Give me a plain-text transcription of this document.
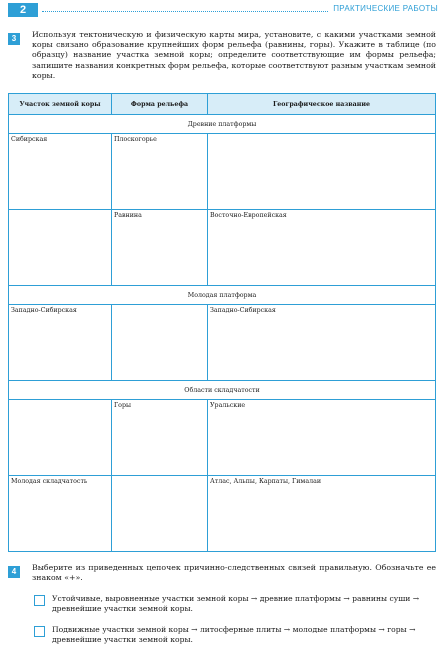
2	ПРАКТИЧЕСКИЕ РАБОТЫ
3	Используя тектоническую и физическую карты мира, установите, с какими участками земной коры связано образование крупнейших форм рельефа (равнины, горы). Укажите в таблице (по образцу) название участка земной коры; определите соответствующие им формы рельефа; запишите названия конкретных форм рельефа, которые соответствуют разным участкам земной коры.
Участок земной коры	Форма рельефа	Географическое название
Древние платформы		
Сибирская	Плоскогорье	
	Равнина	Восточно-Европейская
Молодая платформа		
Западно-Сибирская		Западно-Сибирская
Области складчатости		
	Горы	Уральские
Молодая складчатость		Атлас, Альпы, Карпаты, Гималаи
4	Выберите из приведенных цепочек причинно-следственных связей правильную. Обозначьте ее знаком «+».
Устойчивые, выровненные участки земной коры → древние платформы → равнины суши → древнейшие участки земной коры.
Подвижные участки земной коры → литосферные плиты → молодые платформы → горы → древнейшие участки земной коры.
